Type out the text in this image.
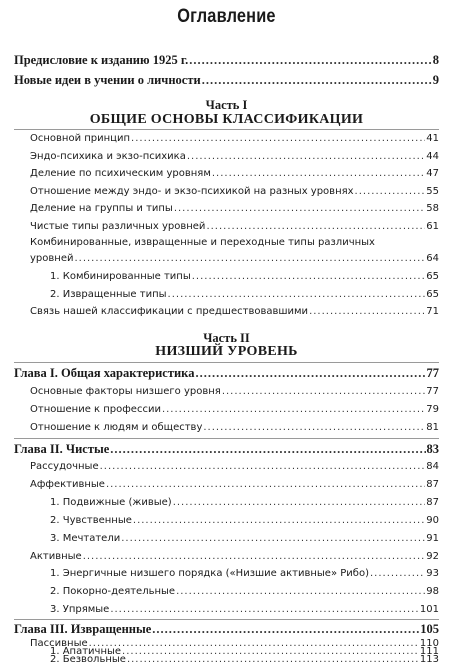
Оглавление
Предисловие к изданию 1925 г. .....	8
Новые идеи в учении о личности .....	9
Часть I
ОБЩИЕ ОСНОВЫ КЛАССИФИКАЦИИ
Основной принцип .....	41
Эндо-психика и экзо-психика .....	44
Деление по психическим уровням .....	47
Отношение между эндо- и экзо-психикой на разных уровнях .....	55
Деление на группы и типы .....	58
Чистые типы различных уровней .....	61
Комбинированные, извращенные и переходные типы различных
уровней .....	64
1. Комбинированные типы .....	65
2. Извращенные типы .....	65
Связь нашей классификации с предшествовавшими .....	71
Часть II
НИЗШИЙ УРОВЕНЬ
Глава I. Общая характеристика .....	77
Основные факторы низшего уровня .....	77
Отношение к профессии .....	79
Отношение к людям и обществу .....	81
Глава II. Чистые .....	83
Рассудочные .....	84
Аффективные .....	87
1. Подвижные (живые) .....	87
2. Чувственные .....	90
3. Мечтатели .....	91
Активные .....	92
1. Энергичные низшего порядка («Низшие активные» Рибо) .....	93
2. Покорно-деятельные .....	98
3. Упрямые .....	101
Глава III. Извращенные .....	105
Пассивные .....	110
1. Апатичные .....	111
2. Безвольные .....	113
